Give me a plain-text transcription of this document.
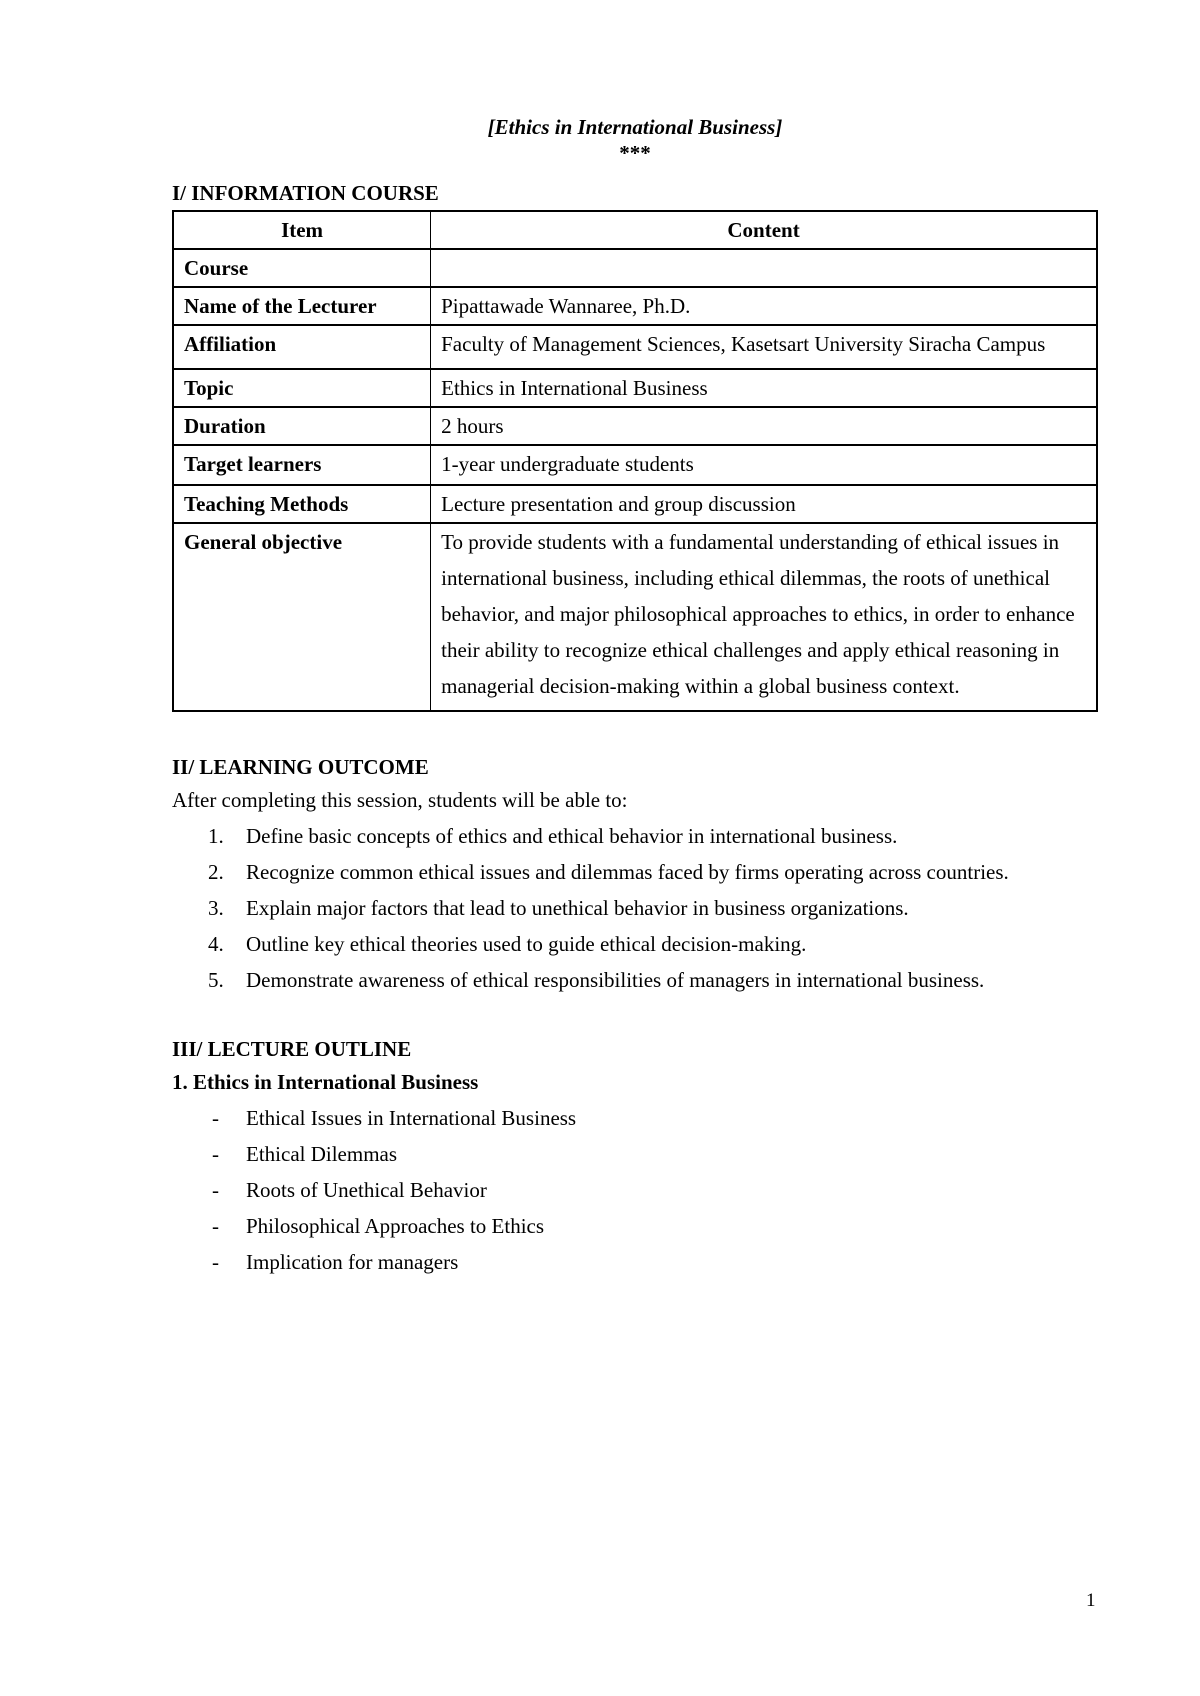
[Ethics in International Business]

***

I/ INFORMATION COURSE

Item	Content
Course	
Name of the Lecturer	Pipattawade Wannaree, Ph.D.
Affiliation	Faculty of Management Sciences, Kasetsart University Siracha Campus
Topic	Ethics in International Business
Duration	2 hours
Target learners	1-year undergraduate students
Teaching Methods	Lecture presentation and group discussion
General objective	To provide students with a fundamental understanding of ethical issues in international business, including ethical dilemmas, the roots of unethical behavior, and major philosophical approaches to ethics, in order to enhance their ability to recognize ethical challenges and apply ethical reasoning in managerial decision-making within a global business context.

II/ LEARNING OUTCOME

After completing this session, students will be able to:

1. Define basic concepts of ethics and ethical behavior in international business.
2. Recognize common ethical issues and dilemmas faced by firms operating across countries.
3. Explain major factors that lead to unethical behavior in business organizations.
4. Outline key ethical theories used to guide ethical decision-making.
5. Demonstrate awareness of ethical responsibilities of managers in international business.

III/ LECTURE OUTLINE

1. Ethics in International Business

- Ethical Issues in International Business
- Ethical Dilemmas
- Roots of Unethical Behavior
- Philosophical Approaches to Ethics
- Implication for managers
1
